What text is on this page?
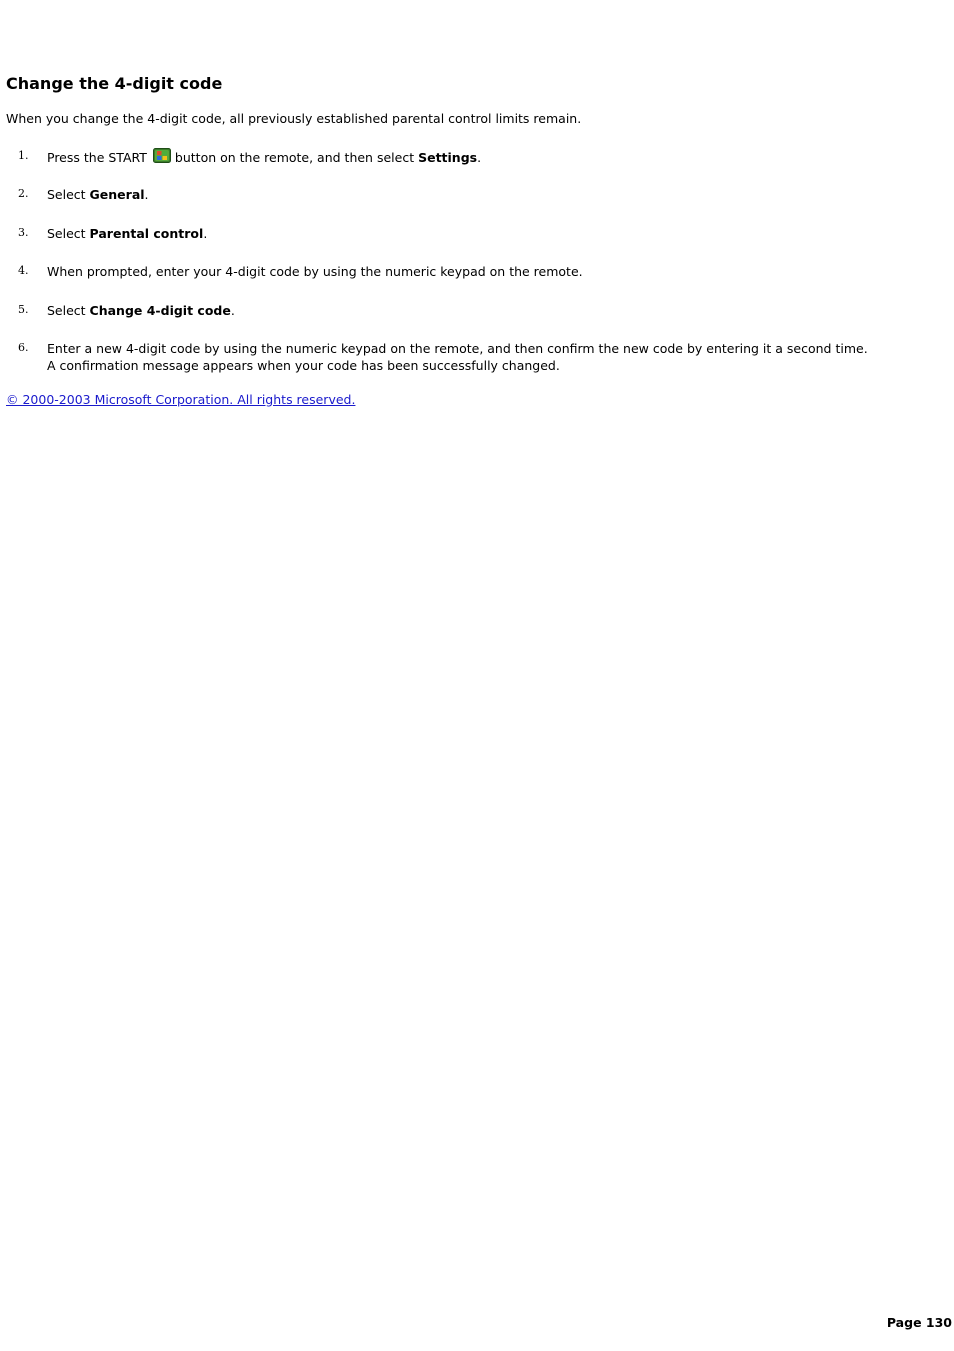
Change the 4-digit code

When you change the 4-digit code, all previously established parental control limits remain.

1. Press the START button on the remote, and then select Settings.
2. Select General.
3. Select Parental control.
4. When prompted, enter your 4-digit code by using the numeric keypad on the remote.
5. Select Change 4-digit code.
6. Enter a new 4-digit code by using the numeric keypad on the remote, and then confirm the new code by entering it a second time.
A confirmation message appears when your code has been successfully changed.
© 2000-2003 Microsoft Corporation. All rights reserved.
Page 130
